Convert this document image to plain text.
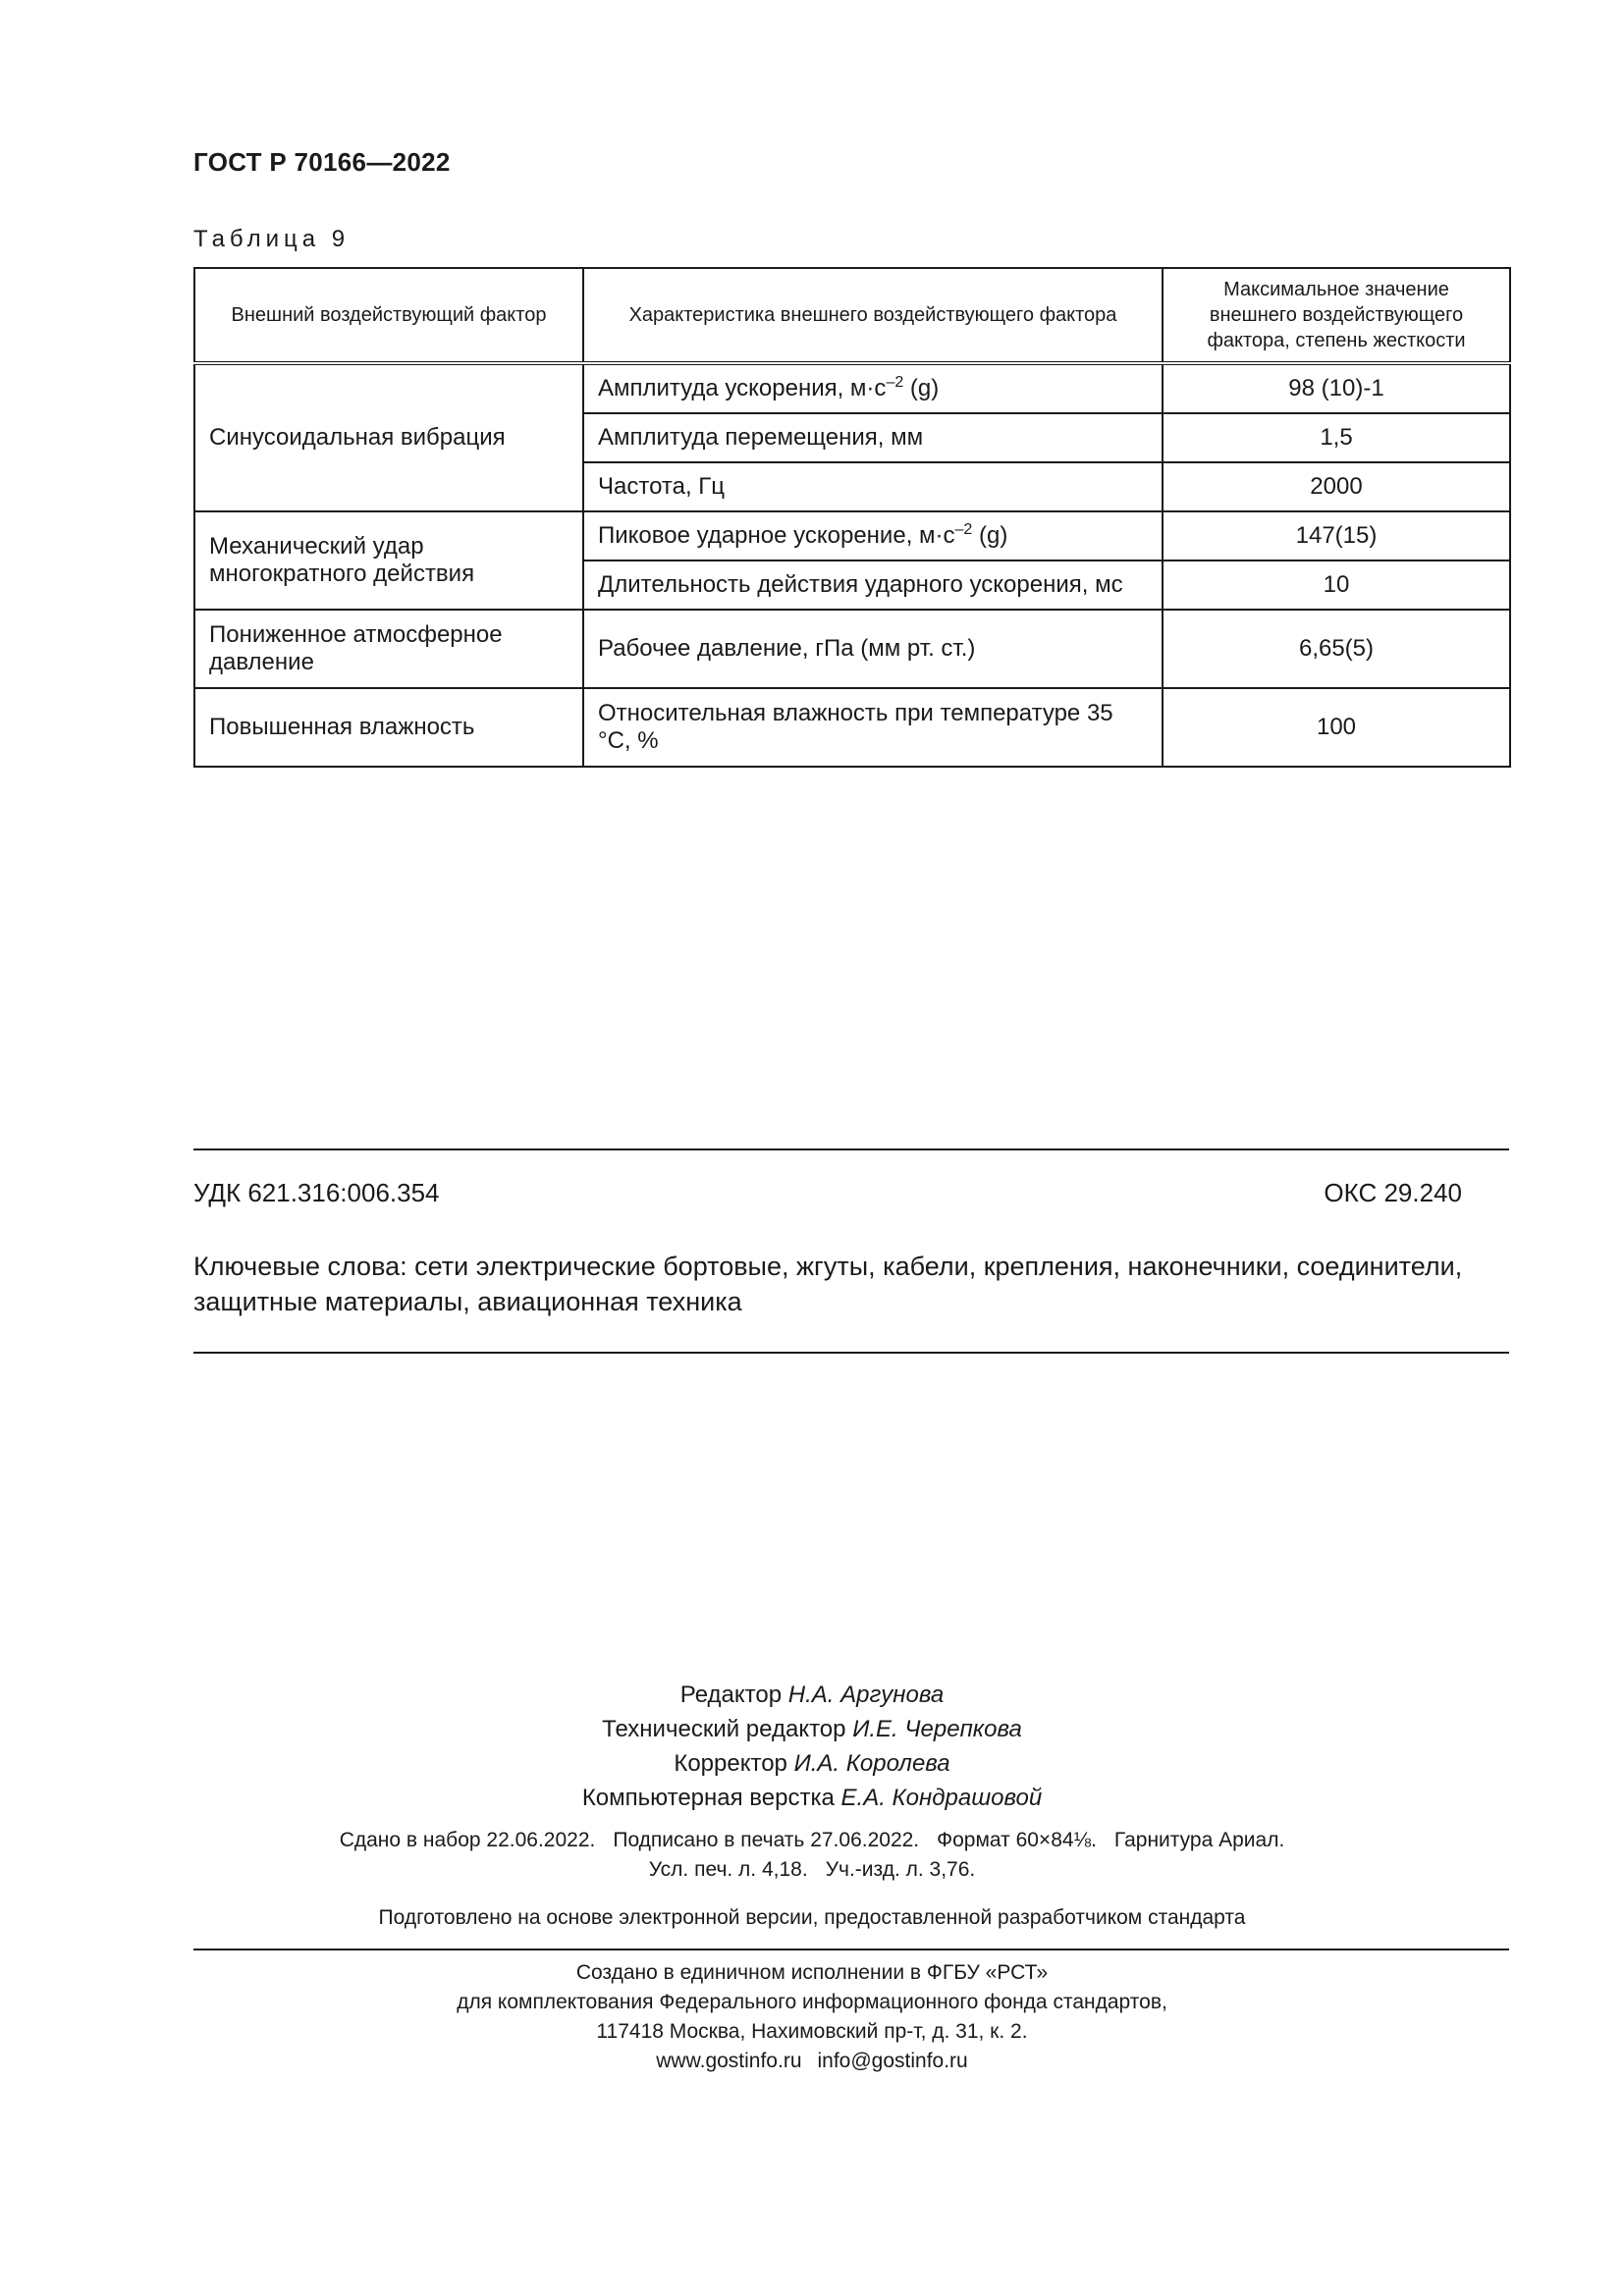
ГОСТ Р 70166—2022
Таблица 9
Внешний воздействующий фактор	Характеристика внешнего воздействующего фактора	Максимальное значение внешнего воздействующего фактора, степень жесткости
Синусоидальная вибрация	Амплитуда ускорения, $м\cdot с^{-2}$ (g)	98 (10)-1
	Амплитуда перемещения, мм	1,5
	Частота, Гц	2000
Механический удар многократного действия	Пиковое ударное ускорение, $м\cdot с^{-2}$ (g)	147(15)
	Длительность действия ударного ускорения, мс	10
Пониженное атмосферное давление	Рабочее давление, гПа (мм рт. ст.)	6,65(5)
Повышенная влажность	Относительная влажность при температуре 35 °С, %	100
УДК 621.316:006.354	ОКС 29.240
Ключевые слова: сети электрические бортовые, жгуты, кабели, крепления, наконечники, соединители, защитные материалы, авиационная техника
Редактор Н.А. Аргунова
Технический редактор И.Е. Черепкова
Корректор И.А. Королева
Компьютерная верстка Е.А. Кондрашовой
Сдано в набор 22.06.2022. Подписано в печать 27.06.2022. Формат 60×84⅛. Гарнитура Ариал.
Усл. печ. л. 4,18. Уч.-изд. л. 3,76.
Подготовлено на основе электронной версии, предоставленной разработчиком стандарта
Создано в единичном исполнении в ФГБУ «РСТ»
для комплектования Федерального информационного фонда стандартов,
117418 Москва, Нахимовский пр-т, д. 31, к. 2.
www.gostinfo.ru info@gostinfo.ru
